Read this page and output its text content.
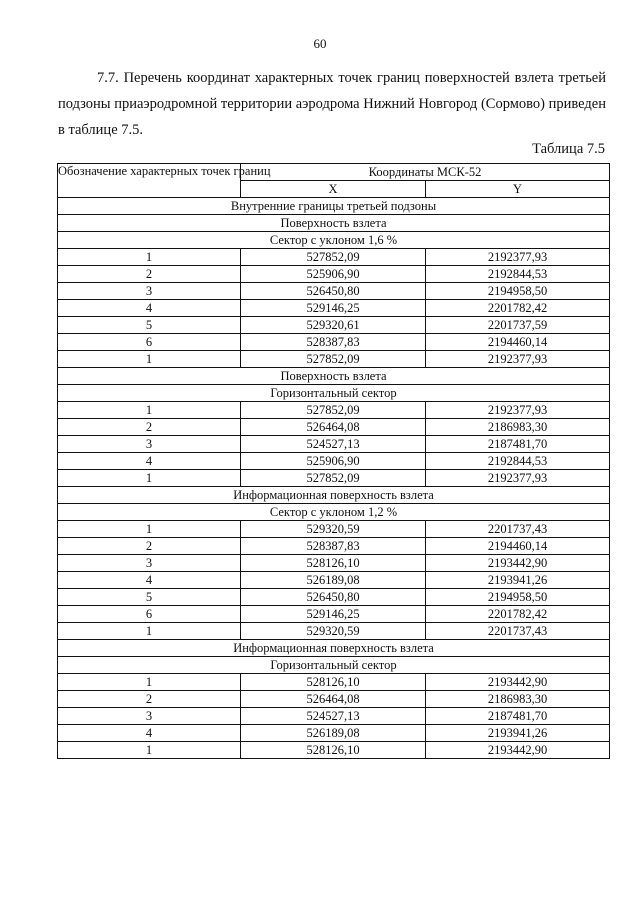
60

7.7. Перечень координат характерных точек границ поверхностей взлета третьей подзоны приаэродромной территории аэродрома Нижний Новгород (Сормово) приведен в таблице 7.5.

Таблица 7.5
Обозначение характерных точек границ	Координаты МСК-52	
	X	Y
Внутренние границы третьей подзоны		
Поверхность взлета		
Сектор с уклоном 1,6 %		
1	527852,09	2192377,93
2	525906,90	2192844,53
3	526450,80	2194958,50
4	529146,25	2201782,42
5	529320,61	2201737,59
6	528387,83	2194460,14
1	527852,09	2192377,93
Поверхность взлета		
Горизонтальный сектор		
1	527852,09	2192377,93
2	526464,08	2186983,30
3	524527,13	2187481,70
4	525906,90	2192844,53
1	527852,09	2192377,93
Информационная поверхность взлета		
Сектор с уклоном 1,2 %		
1	529320,59	2201737,43
2	528387,83	2194460,14
3	528126,10	2193442,90
4	526189,08	2193941,26
5	526450,80	2194958,50
6	529146,25	2201782,42
1	529320,59	2201737,43
Информационная поверхность взлета		
Горизонтальный сектор		
1	528126,10	2193442,90
2	526464,08	2186983,30
3	524527,13	2187481,70
4	526189,08	2193941,26
1	528126,10	2193442,90
